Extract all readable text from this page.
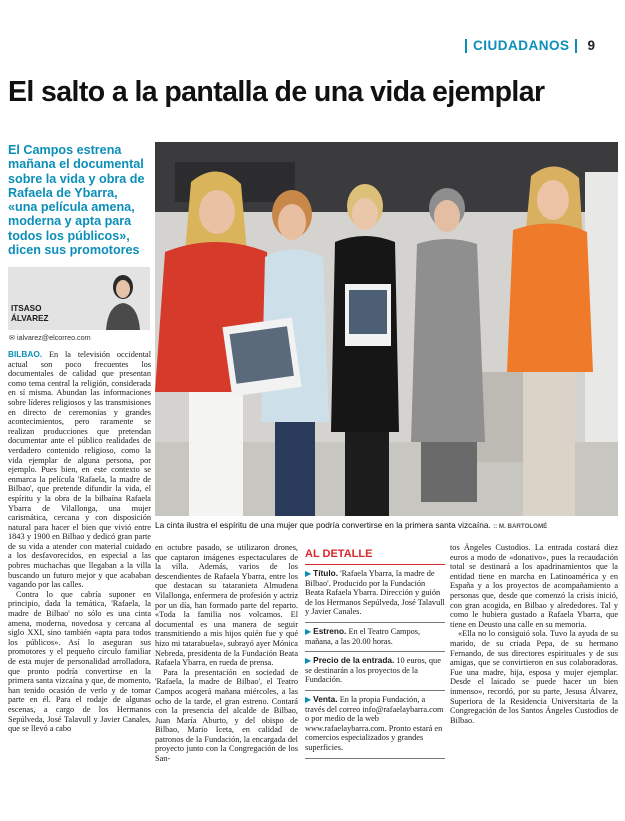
CIUDADANOS 9
El salto a la pantalla de una vida ejemplar
El Campos estrena mañana el documental sobre la vida y obra de Rafaela de Ybarra, «una película amena, moderna y apta para todos los públicos», dicen sus promotores
ITSASO
ÁLVAREZ
✉ ialvarez@elcorreo.com
La cinta ilustra el espíritu de una mujer que podría convertirse en la primera santa vizcaína. :: M. BARTOLOMÉ

BILBAO. En la televisión occidental actual son poco frecuentes los documentales de calidad que presentan como tema central la religión, considerada en sí misma. Abundan las informaciones sobre líderes religiosos y las transmisiones en directo de ceremonias y grandes acontecimientos, pero raramente se realizan producciones que pretendan documentar ante el público realidades de verdadero contenido religioso, como la vida ejemplar de alguna persona, por ejemplo. Pues bien, en este contexto se enmarca la película 'Rafaela, la madre de Bilbao', que pretende difundir la vida, el espíritu y la obra de la bilbaína Rafaela Ybarra de Vilallonga, una mujer carismática, cercana y con disposición natural para hacer el bien que vivió entre 1843 y 1900 en Bilbao y dedicó gran parte de su vida a atender con material cuidado a los desfavorecidos, en especial a las pobres muchachas que llegaban a la villa buscando un futuro mejor y que acababan vagando por las calles.

Contra lo que cabría suponer en principio, dada la temática, 'Rafaela, la madre de Bilbao' no sólo es una cinta amena, moderna, novedosa y cercana al siglo XXI, sino también «apta para todos los públicos». Así lo aseguran sus promotores y el pequeño círculo familiar de esta mujer de personalidad arrolladora, que pronto podría convertirse en la primera santa vizcaína y que, de momento, han tenido ocasión de verlo y de tomar parte en él. Para el rodaje de algunas escenas, a cargo de los Hermanos Sepúlveda, José Talavull y Javier Canales, que se llevó a cabo

en octubre pasado, se utilizaron drones, que captaron imágenes espectaculares de la villa. Además, varios de los descendientes de Rafaela Ybarra, entre los que destacan su tataranieta Almudena Vilallonga, enfermera de profesión y actriz por un día, han formado parte del reparto. «Toda la familia nos volcamos. El documental es una manera de seguir transmitiendo a mis hijos quién fue y qué hizo mi tatarabuela», subrayó ayer Mónica Nebreda, presidenta de la Fundación Beata Rafaela Ybarra, en rueda de prensa.

Para la presentación en sociedad de 'Rafaela, la madre de Bilbao', el Teatro Campos acogerá mañana miércoles, a las ocho de la tarde, el gran estreno. Contará con la presencia del alcalde de Bilbao, Juan María Aburto, y del obispo de Bilbao, Mario Iceta, en calidad de patronos de la Fundación, la encargada del proyecto junto con la Congregación de los San-

AL DETALLE
▶ Título. 'Rafaela Ybarra, la madre de Bilbao'. Producido por la Fundación Beata Rafaela Ybarra. Dirección y guión de los Hermanos Sepúlveda, José Talavull y Javier Canales.
▶ Estreno. En el Teatro Campos, mañana, a las 20.00 horas.
▶ Precio de la entrada. 10 euros, que se destinarán a los proyectos de la Fundación.
▶ Venta. En la propia Fundación, a través del correo info@rafaelaybarra.com o por medio de la web www.rafaelaybarra.com. Pronto estará en comercios especializados y grandes superficies.

tos Ángeles Custodios. La entrada costará diez euros a modo de «donativo», pues la recaudación total se destinará a los apadrinamientos que la entidad tiene en marcha en Latinoamérica y en España y a los proyectos de acompañamiento a personas que, desde que comenzó la crisis inició, con gran acogida, en Bilbao y alrededores. Tal y como le hubiera gustado a Rafaela Ybarra, que tiene en Deusto una calle en su memoria.

«Ella no lo consiguió sola. Tuvo la ayuda de su marido, de su criada Pepa, de su hermano Fernando, de sus directores espirituales y de sus amigas, que se convirtieron en sus colaboradoras. Fue una madre, hija, esposa y mujer ejemplar. Desde el laicado se puede hacer un bien inmenso», recordó, por su parte, Jesusa Álvarez, Superiora de la Residencia Universitaria de la Congregación de los Santos Ángeles Custodios de Bilbao.
